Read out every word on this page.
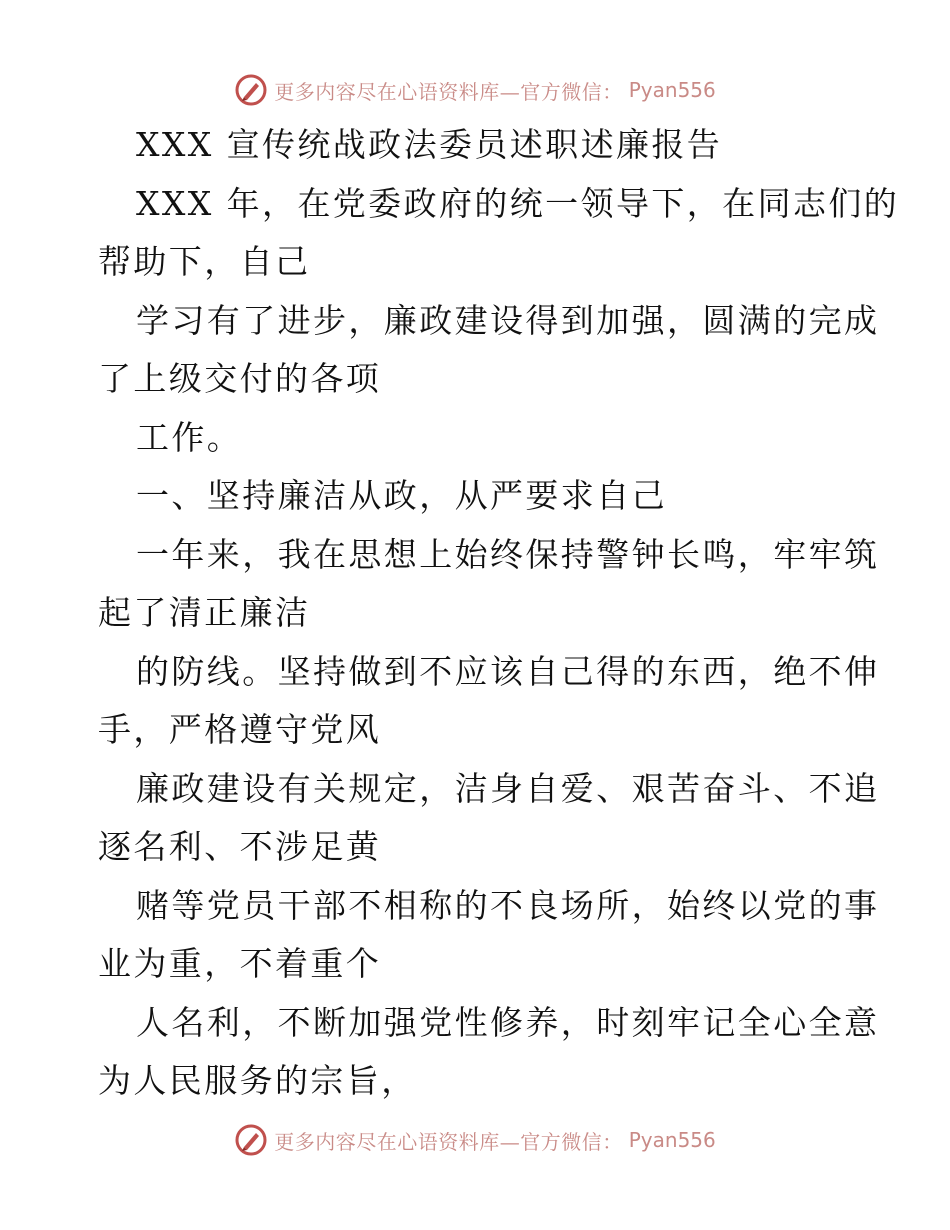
更多内容尽在心语资料库—官方微信： Pyan556
XXX 宣传统战政法委员述职述廉报告
XXX 年，在党委政府的统一领导下，在同志们的
帮助下，自己
学习有了进步，廉政建设得到加强，圆满的完成
了上级交付的各项
工作。
一、坚持廉洁从政，从严要求自己
一年来，我在思想上始终保持警钟长鸣，牢牢筑
起了清正廉洁
的防线。坚持做到不应该自己得的东西，绝不伸
手，严格遵守党风
廉政建设有关规定，洁身自爱、艰苦奋斗、不追
逐名利、不涉足黄
赌等党员干部不相称的不良场所，始终以党的事
业为重，不着重个
人名利，不断加强党性修养，时刻牢记全心全意
为人民服务的宗旨，
更多内容尽在心语资料库—官方微信： Pyan556
